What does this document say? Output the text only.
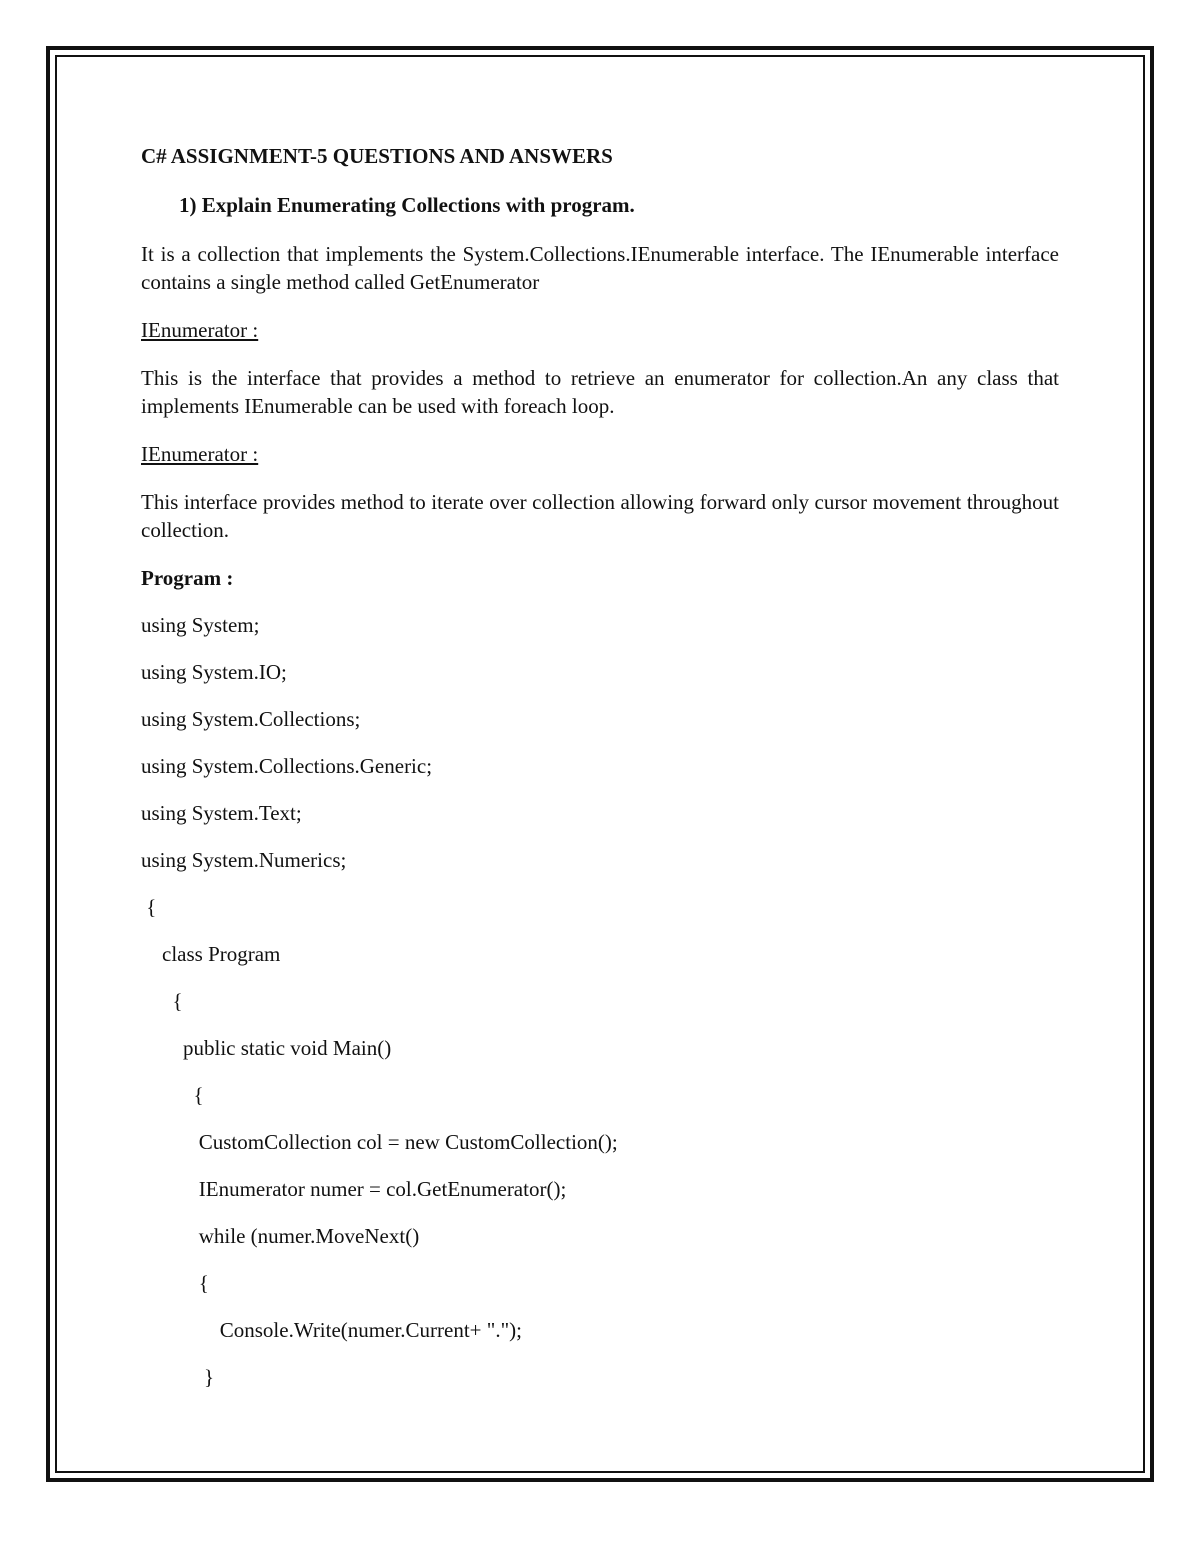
C# ASSIGNMENT-5 QUESTIONS AND ANSWERS

1) Explain Enumerating Collections with program.

It is a collection that implements the System.Collections.IEnumerable interface. The IEnumerable interface contains a single method called GetEnumerator

IEnumerator :

This is the interface that provides a method to retrieve an enumerator for collection.An any class that implements IEnumerable can be used with foreach loop.

IEnumerator :

This interface provides method to iterate over collection allowing forward only cursor movement throughout collection.

Program :

using System;

using System.IO;

using System.Collections;

using System.Collections.Generic;

using System.Text;

using System.Numerics;

{

class Program

{

public static void Main()

{

CustomCollection col = new CustomCollection();

IEnumerator numer = col.GetEnumerator();

while (numer.MoveNext()

{

Console.Write(numer.Current+ ".");

}
